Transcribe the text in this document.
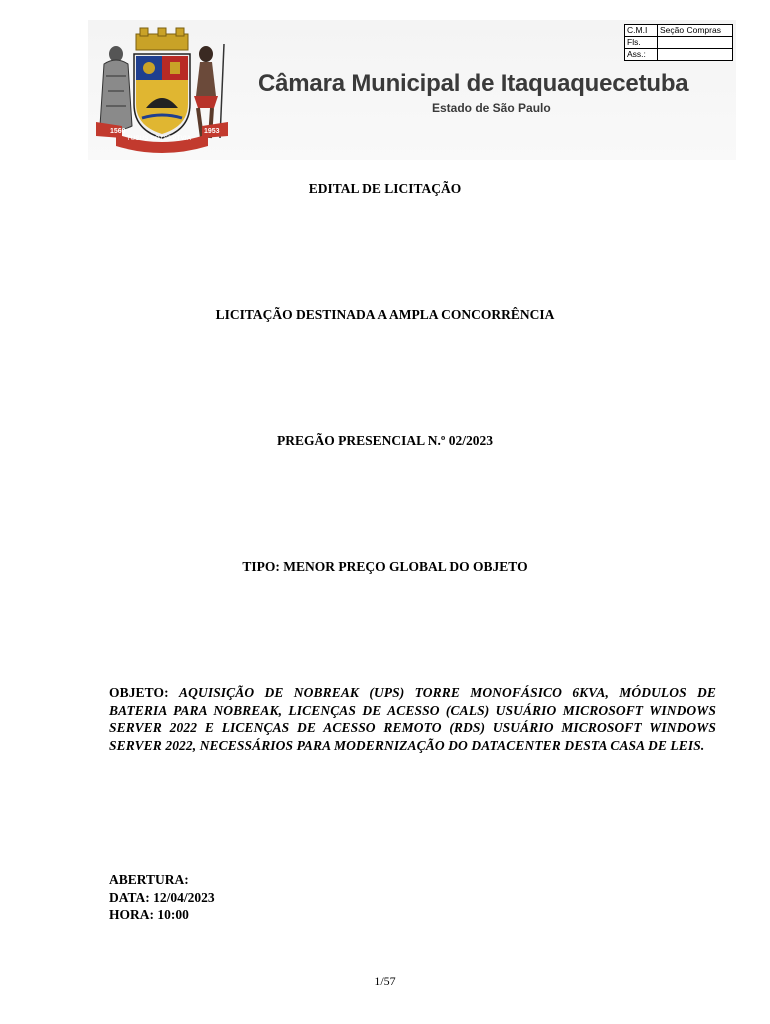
1560	1953
TUSUS SOTSEPTVIA
Câmara Municipal de Itaquaquecetuba
Estado de São Paulo
C.M.I	Seção Compras
Fls.	
Ass.:	
EDITAL DE LICITAÇÃO
LICITAÇÃO DESTINADA A AMPLA CONCORRÊNCIA
PREGÃO PRESENCIAL N.º 02/2023
TIPO: MENOR PREÇO GLOBAL DO OBJETO
OBJETO: AQUISIÇÃO DE NOBREAK (UPS) TORRE MONOFÁSICO 6KVA, MÓDULOS DE BATERIA PARA NOBREAK, LICENÇAS DE ACESSO (CALS) USUÁRIO MICROSOFT WINDOWS SERVER 2022 E LICENÇAS DE ACESSO REMOTO (RDS) USUÁRIO MICROSOFT WINDOWS SERVER 2022, NECESSÁRIOS PARA MODERNIZAÇÃO DO DATACENTER DESTA CASA DE LEIS.
ABERTURA:
DATA: 12/04/2023
HORA: 10:00
1/57
